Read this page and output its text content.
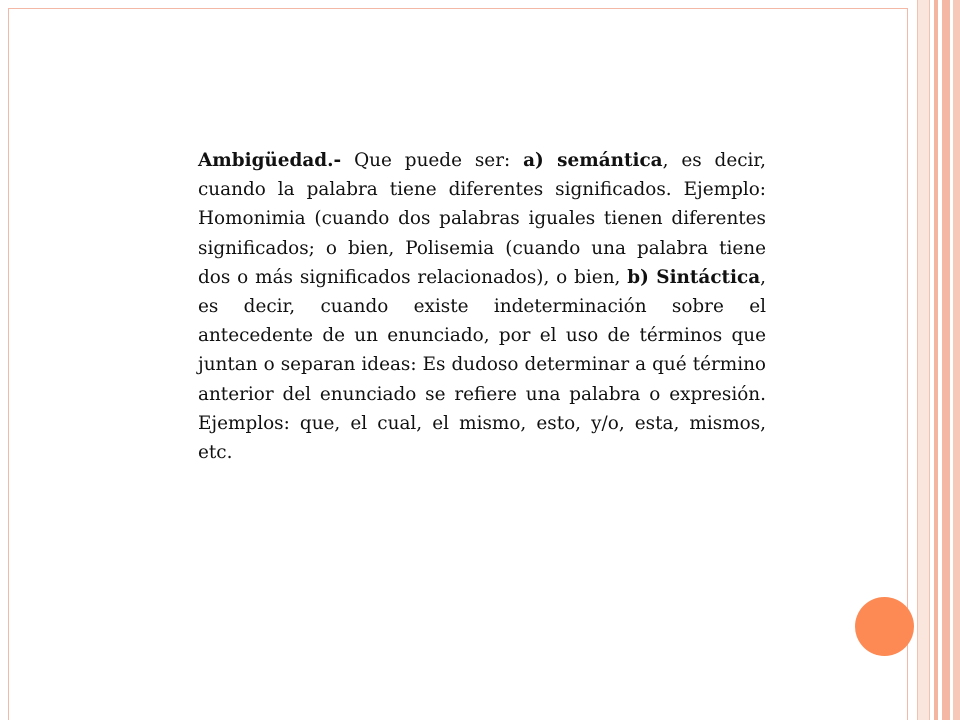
Ambigüedad.- Que puede ser: a) semántica, es decir, cuando la palabra tiene diferentes significados. Ejemplo: Homonimia (cuando dos palabras iguales tienen diferentes significados; o bien, Polisemia (cuando una palabra tiene dos o más significados relacionados), o bien, b) Sintáctica, es decir, cuando existe indeterminación sobre el antecedente de un enunciado, por el uso de términos que juntan o separan ideas: Es dudoso determinar a qué término anterior del enunciado se refiere una palabra o expresión. Ejemplos: que, el cual, el mismo, esto, y/o, esta, mismos, etc.
